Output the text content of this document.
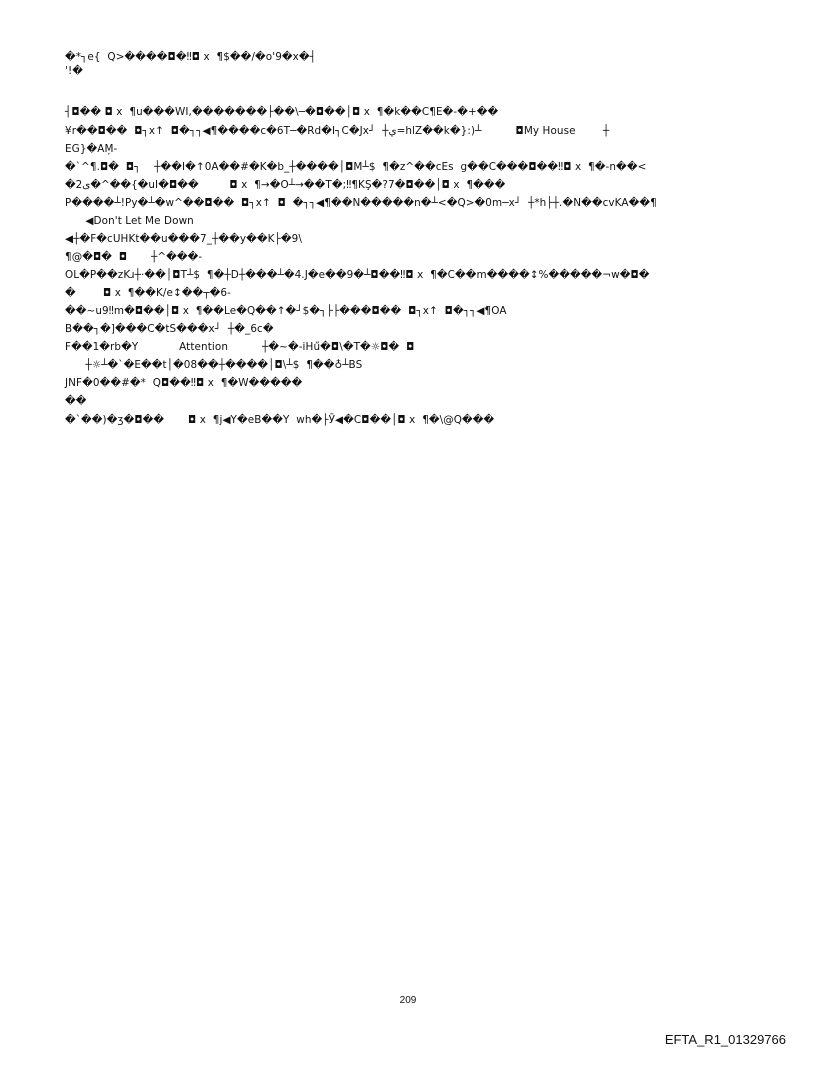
�*┐e{  Q>����◘�‼◘ x  ¶$��/�o'9�x�┤
'!�
┤◘�� ◘ x  ¶u���WI,�������├��\─�◘��│◘ x  ¶�k��C¶E�-�+��
¥r��◘��  ◘┐x↑  ◘�┐┐◀¶����c�6T─�Rd�I┐C�Jx┘  ┼ي=hlZ��k�}:)┴          ◘My House        ┼
EG}�AM̦-
�`^¶.◘�  ◘┐    ┼��I�↑0A��#�K�b_┼����│◘M┴$  ¶�z^��ⅽEs  g��C���◘��‼◘ x  ¶�-n��<
�2ی�^��{�uI�◘��         ◘ x  ¶→�O┴→��T�;‼¶KŞ�?7�◘��│◘ x  ¶���
P����┴!Py�┴�w^��◘��  ◘┐x↑  ◘  �┐┐◀¶��N�����n�┴<�Q>�0m─x┘  ┼*h├┼.�N��cvKA��¶
◀Don't Let Me Down
◀┼�F�cUHKt��u���7_┼��y��K├�9\
¶@�◘�  ◘       ┼^���-
OL�P��zKɹ┼·��│◘T┴$  ¶�┼D┼���┴�4.J�e��9�┴◘��‼◘ x  ¶�C��m����↕%�����¬w�◘�
�        ◘ x  ¶��K/e↕��┬�6-
��~u9‼m�◘��│◘ x  ¶��Le�Q��↑�┘$�┐├├���◘��  ◘┐x↑  ◘�┐┐◀¶OA
B��┐�]���C�tS���x┘  ┼�_6c�
F��1�rb�Y            Attention          ┼�~�-iHű�◘\�T�☼◘�  ◘
┼☼┴�`�E��t│�08��┼����│◘\┴$  ¶��♁┴BS
JNF�0��#�*  Q◘��‼◘ x  ¶�W�����
��
�`��)�ʒ�◘��       ◘ x  ¶j◀Y�eB��Y  wh�├Ӯ◀�C◘��│◘ x  ¶�\@Q���
209
EFTA_R1_01329766
